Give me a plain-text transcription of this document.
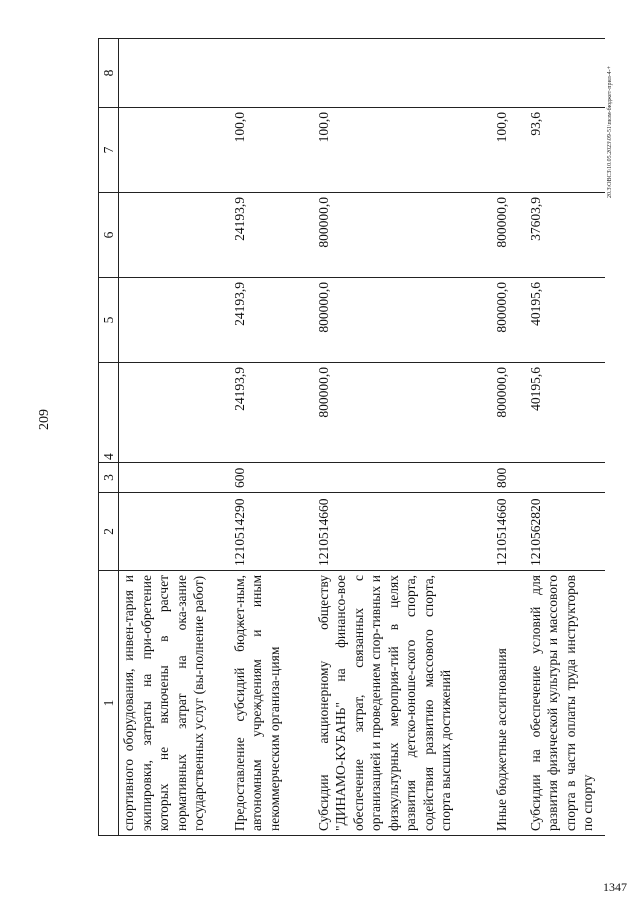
209
20.3\ОВСЗ\10.05.2023\09-51\пкзм-бюджет-прил-4-+
1347
1	2	3	4	5	6	7	8
спортивного оборудования, инвен-тария и экипировки, затраты на при-обретение которых не включены в расчет нормативных затрат на ока-зание государственных услуг (вы-полнение работ)							
Предоставление субсидий бюджет-ным, автономным учреждениям и иным некоммерческим организа-циям	1210514290	600	24193,9	24193,9	24193,9	100,0	
Субсидии акционерному обществу "ДИНАМО-КУБАНЬ" на финансо-вое обеспечение затрат, связанных с организацией и проведением спор-тивных и физкультурных мероприя-тий в целях развития детско-юноше-ского спорта, содействия развитию массового спорта, спорта высших достижений	1210514660		800000,0	800000,0	800000,0	100,0	
Иные бюджетные ассигнования	1210514660	800	800000,0	800000,0	800000,0	100,0	
Субсидии на обеспечение условий для развития физической культуры и массового спорта в части оплаты труда инструкторов по спорту	1210562820		40195,6	40195,6	37603,9	93,6	
